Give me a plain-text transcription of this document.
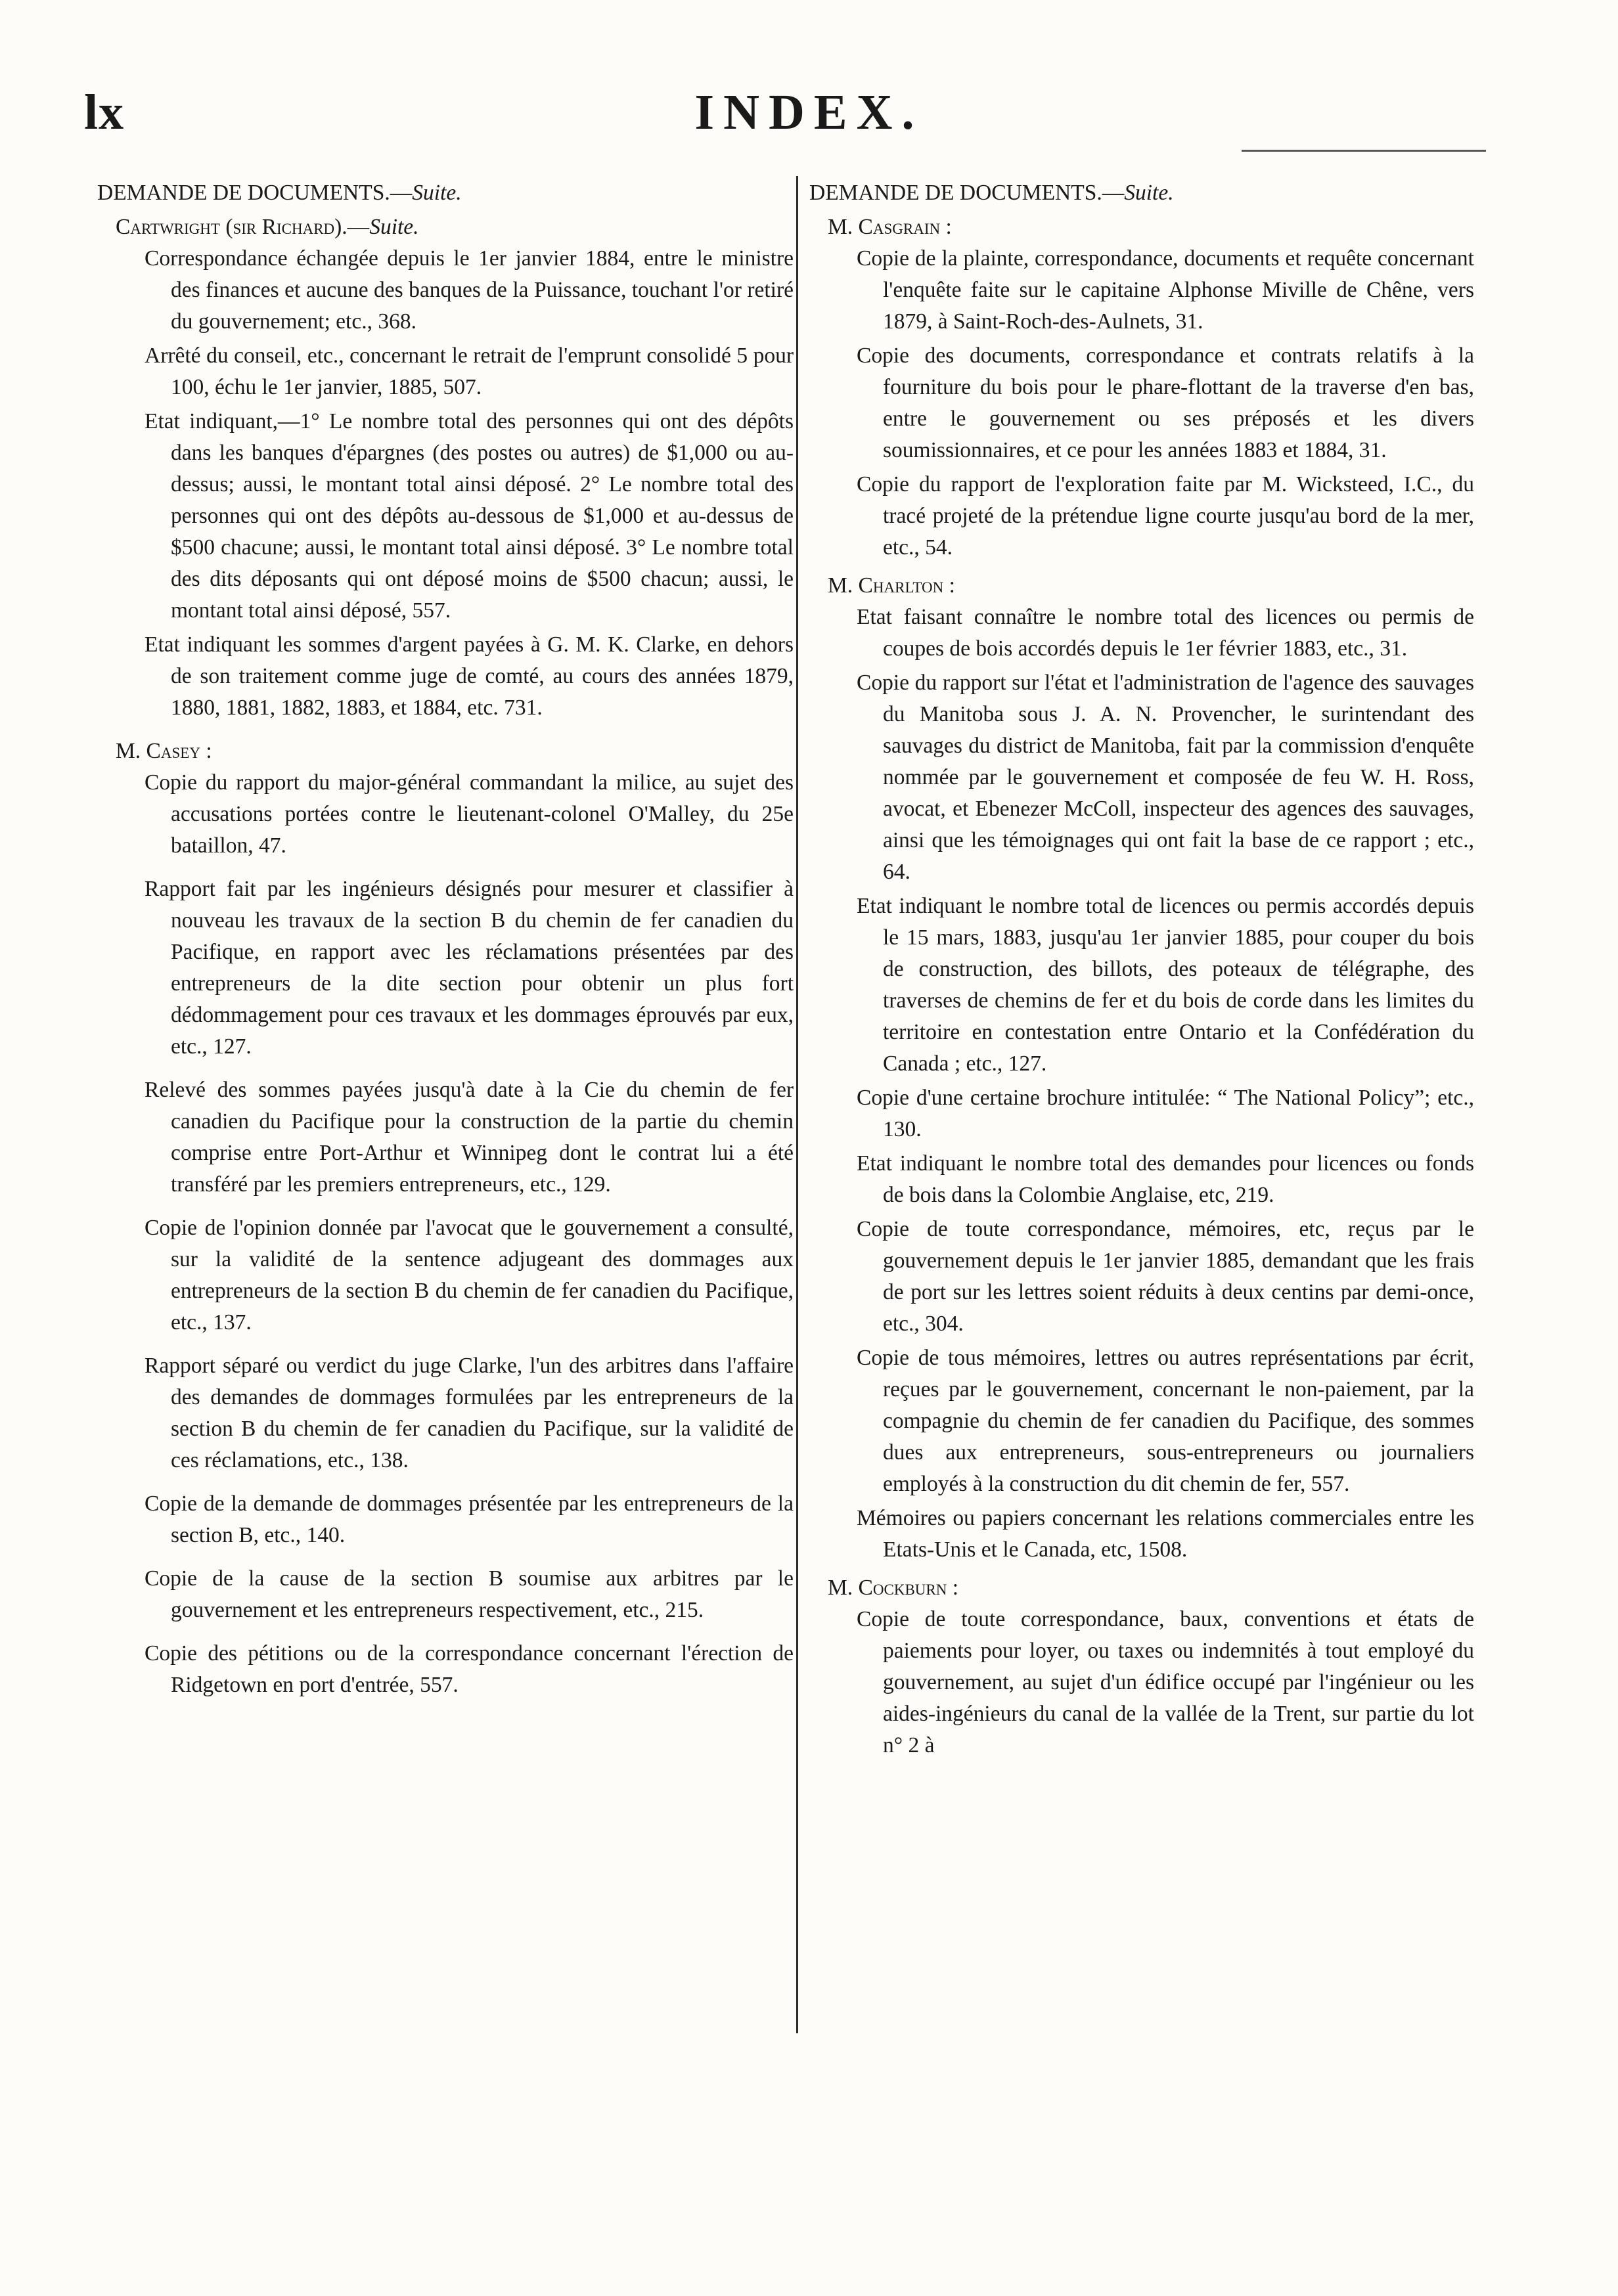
lx	INDEX.
DEMANDE DE DOCUMENTS.—Suite.
Cartwright (sir Richard).—Suite.
Correspondance échangée depuis le 1er janvier 1884, entre le ministre des finances et aucune des banques de la Puissance, touchant l'or retiré du gouvernement; etc., 368.
Arrêté du conseil, etc., concernant le retrait de l'emprunt consolidé 5 pour 100, échu le 1er janvier, 1885, 507.
Etat indiquant,—1° Le nombre total des personnes qui ont des dépôts dans les banques d'épargnes (des postes ou autres) de $1,000 ou au-dessus; aussi, le montant total ainsi déposé. 2° Le nombre total des personnes qui ont des dépôts au-dessous de $1,000 et au-dessus de $500 chacune; aussi, le montant total ainsi déposé. 3° Le nombre total des dits déposants qui ont déposé moins de $500 chacun; aussi, le montant total ainsi déposé, 557.
Etat indiquant les sommes d'argent payées à G. M. K. Clarke, en dehors de son traitement comme juge de comté, au cours des années 1879, 1880, 1881, 1882, 1883, et 1884, etc. 731.
M. Casey :
Copie du rapport du major-général commandant la milice, au sujet des accusations portées contre le lieutenant-colonel O'Malley, du 25e bataillon, 47.
Rapport fait par les ingénieurs désignés pour mesurer et classifier à nouveau les travaux de la section B du chemin de fer canadien du Pacifique, en rapport avec les réclamations présentées par des entrepreneurs de la dite section pour obtenir un plus fort dédommagement pour ces travaux et les dommages éprouvés par eux, etc., 127.
Relevé des sommes payées jusqu'à date à la Cie du chemin de fer canadien du Pacifique pour la construction de la partie du chemin comprise entre Port-Arthur et Winnipeg dont le contrat lui a été transféré par les premiers entrepreneurs, etc., 129.
Copie de l'opinion donnée par l'avocat que le gouvernement a consulté, sur la validité de la sentence adjugeant des dommages aux entrepreneurs de la section B du chemin de fer canadien du Pacifique, etc., 137.
Rapport séparé ou verdict du juge Clarke, l'un des arbitres dans l'affaire des demandes de dommages formulées par les entrepreneurs de la section B du chemin de fer canadien du Pacifique, sur la validité de ces réclamations, etc., 138.
Copie de la demande de dommages présentée par les entrepreneurs de la section B, etc., 140.
Copie de la cause de la section B soumise aux arbitres par le gouvernement et les entrepreneurs respectivement, etc., 215.
Copie des pétitions ou de la correspondance concernant l'érection de Ridgetown en port d'entrée, 557.
DEMANDE DE DOCUMENTS.—Suite.
M. Casgrain :
Copie de la plainte, correspondance, documents et requête concernant l'enquête faite sur le capitaine Alphonse Miville de Chêne, vers 1879, à Saint-Roch-des-Aulnets, 31.
Copie des documents, correspondance et contrats relatifs à la fourniture du bois pour le phare-flottant de la traverse d'en bas, entre le gouvernement ou ses préposés et les divers soumissionnaires, et ce pour les années 1883 et 1884, 31.
Copie du rapport de l'exploration faite par M. Wicksteed, I.C., du tracé projeté de la prétendue ligne courte jusqu'au bord de la mer, etc., 54.
M. Charlton :
Etat faisant connaître le nombre total des licences ou permis de coupes de bois accordés depuis le 1er février 1883, etc., 31.
Copie du rapport sur l'état et l'administration de l'agence des sauvages du Manitoba sous J. A. N. Provencher, le surintendant des sauvages du district de Manitoba, fait par la commission d'enquête nommée par le gouvernement et composée de feu W. H. Ross, avocat, et Ebenezer McColl, inspecteur des agences des sauvages, ainsi que les témoignages qui ont fait la base de ce rapport ; etc., 64.
Etat indiquant le nombre total de licences ou permis accordés depuis le 15 mars, 1883, jusqu'au 1er janvier 1885, pour couper du bois de construction, des billots, des poteaux de télégraphe, des traverses de chemins de fer et du bois de corde dans les limites du territoire en contestation entre Ontario et la Confédération du Canada ; etc., 127.
Copie d'une certaine brochure intitulée: “ The National Policy”; etc., 130.
Etat indiquant le nombre total des demandes pour licences ou fonds de bois dans la Colombie Anglaise, etc, 219.
Copie de toute correspondance, mémoires, etc, reçus par le gouvernement depuis le 1er janvier 1885, demandant que les frais de port sur les lettres soient réduits à deux centins par demi-once, etc., 304.
Copie de tous mémoires, lettres ou autres représentations par écrit, reçues par le gouvernement, concernant le non-paiement, par la compagnie du chemin de fer canadien du Pacifique, des sommes dues aux entrepreneurs, sous-entrepreneurs ou journaliers employés à la construction du dit chemin de fer, 557.
Mémoires ou papiers concernant les relations commerciales entre les Etats-Unis et le Canada, etc, 1508.
M. Cockburn :
Copie de toute correspondance, baux, conventions et états de paiements pour loyer, ou taxes ou indemnités à tout employé du gouvernement, au sujet d'un édifice occupé par l'ingénieur ou les aides-ingénieurs du canal de la vallée de la Trent, sur partie du lot n° 2 à
